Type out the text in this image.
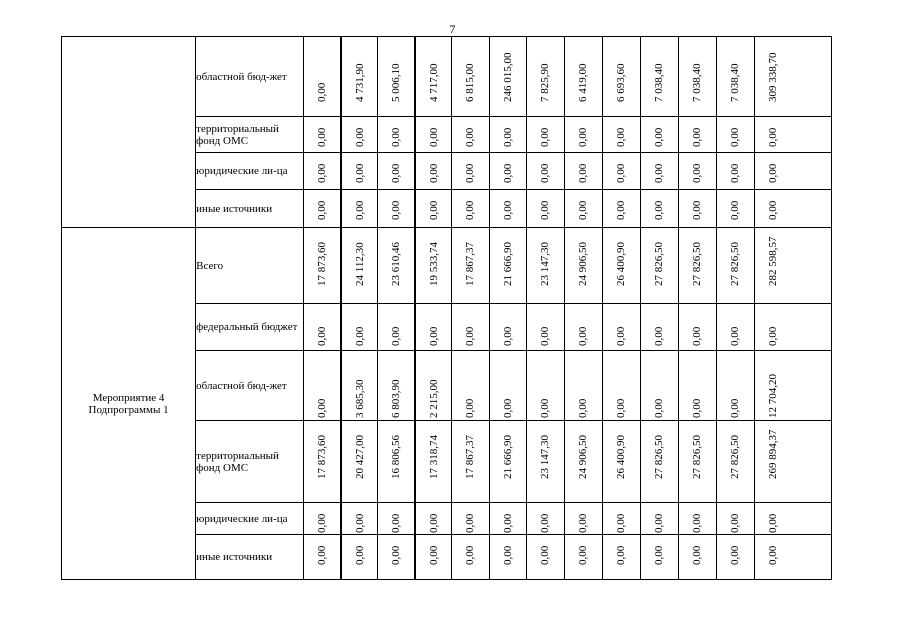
7
	областной бюд-жет	0,00	4 731,90	5 006,10	4 717,00	6 815,00	246 015,00	7 825,90	6 419,00	6 693,60	7 038,40	7 038,40	7 038,40	309 338,70

	территориальный фонд ОМС	0,00	0,00	0,00	0,00	0,00	0,00	0,00	0,00	0,00	0,00	0,00	0,00	0,00

	юридические ли-ца	0,00	0,00	0,00	0,00	0,00	0,00	0,00	0,00	0,00	0,00	0,00	0,00	0,00

	иные источники	0,00	0,00	0,00	0,00	0,00	0,00	0,00	0,00	0,00	0,00	0,00	0,00	0,00

Мероприятие 4
Подпрограммы 1	Всего	17 873,60	24 112,30	23 610,46	19 533,74	17 867,37	21 666,90	23 147,30	24 906,50	26 400,90	27 826,50	27 826,50	27 826,50	282 598,57

	федеральный бюджет	0,00	0,00	0,00	0,00	0,00	0,00	0,00	0,00	0,00	0,00	0,00	0,00	0,00

	областной бюд-жет	0,00	3 685,30	6 803,90	2 215,00	0,00	0,00	0,00	0,00	0,00	0,00	0,00	0,00	12 704,20

	территориальный фонд ОМС	17 873,60	20 427,00	16 806,56	17 318,74	17 867,37	21 666,90	23 147,30	24 906,50	26 400,90	27 826,50	27 826,50	27 826,50	269 894,37

	юридические ли-ца	0,00	0,00	0,00	0,00	0,00	0,00	0,00	0,00	0,00	0,00	0,00	0,00	0,00

	иные источники	0,00	0,00	0,00	0,00	0,00	0,00	0,00	0,00	0,00	0,00	0,00	0,00	0,00
